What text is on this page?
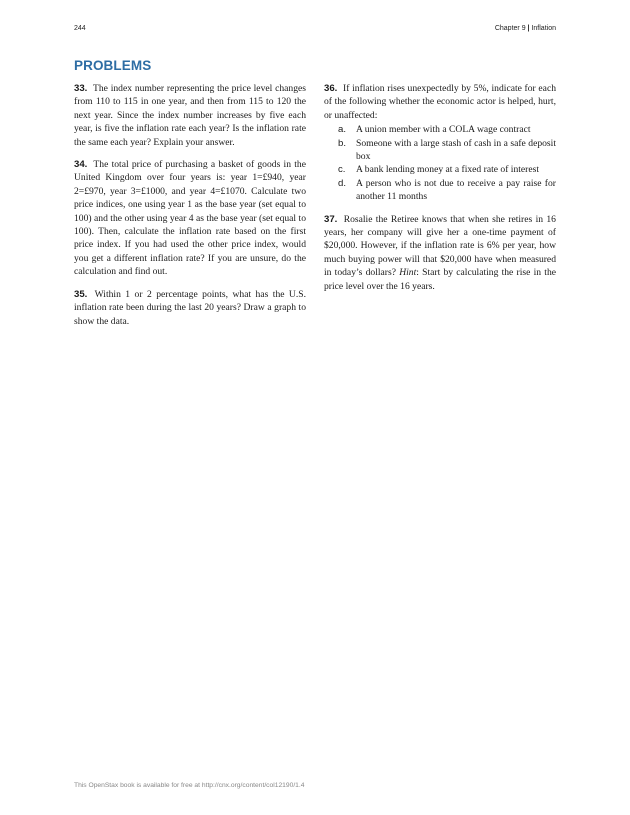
244	Chapter 9 | Inflation
PROBLEMS

33. The index number representing the price level changes from 110 to 115 in one year, and then from 115 to 120 the next year. Since the index number increases by five each year, is five the inflation rate each year? Is the inflation rate the same each year? Explain your answer.

34. The total price of purchasing a basket of goods in the United Kingdom over four years is: year 1=£940, year 2=£970, year 3=£1000, and year 4=£1070. Calculate two price indices, one using year 1 as the base year (set equal to 100) and the other using year 4 as the base year (set equal to 100). Then, calculate the inflation rate based on the first price index. If you had used the other price index, would you get a different inflation rate? If you are unsure, do the calculation and find out.

35. Within 1 or 2 percentage points, what has the U.S. inflation rate been during the last 20 years? Draw a graph to show the data.

36. If inflation rises unexpectedly by 5%, indicate for each of the following whether the economic actor is helped, hurt, or unaffected:

a.	A union member with a COLA wage contract
b.	Someone with a large stash of cash in a safe deposit box
c.	A bank lending money at a fixed rate of interest
d.	A person who is not due to receive a pay raise for another 11 months

37. Rosalie the Retiree knows that when she retires in 16 years, her company will give her a one-time payment of $20,000. However, if the inflation rate is 6% per year, how much buying power will that $20,000 have when measured in today’s dollars? Hint: Start by calculating the rise in the price level over the 16 years.

This OpenStax book is available for free at http://cnx.org/content/col12190/1.4
